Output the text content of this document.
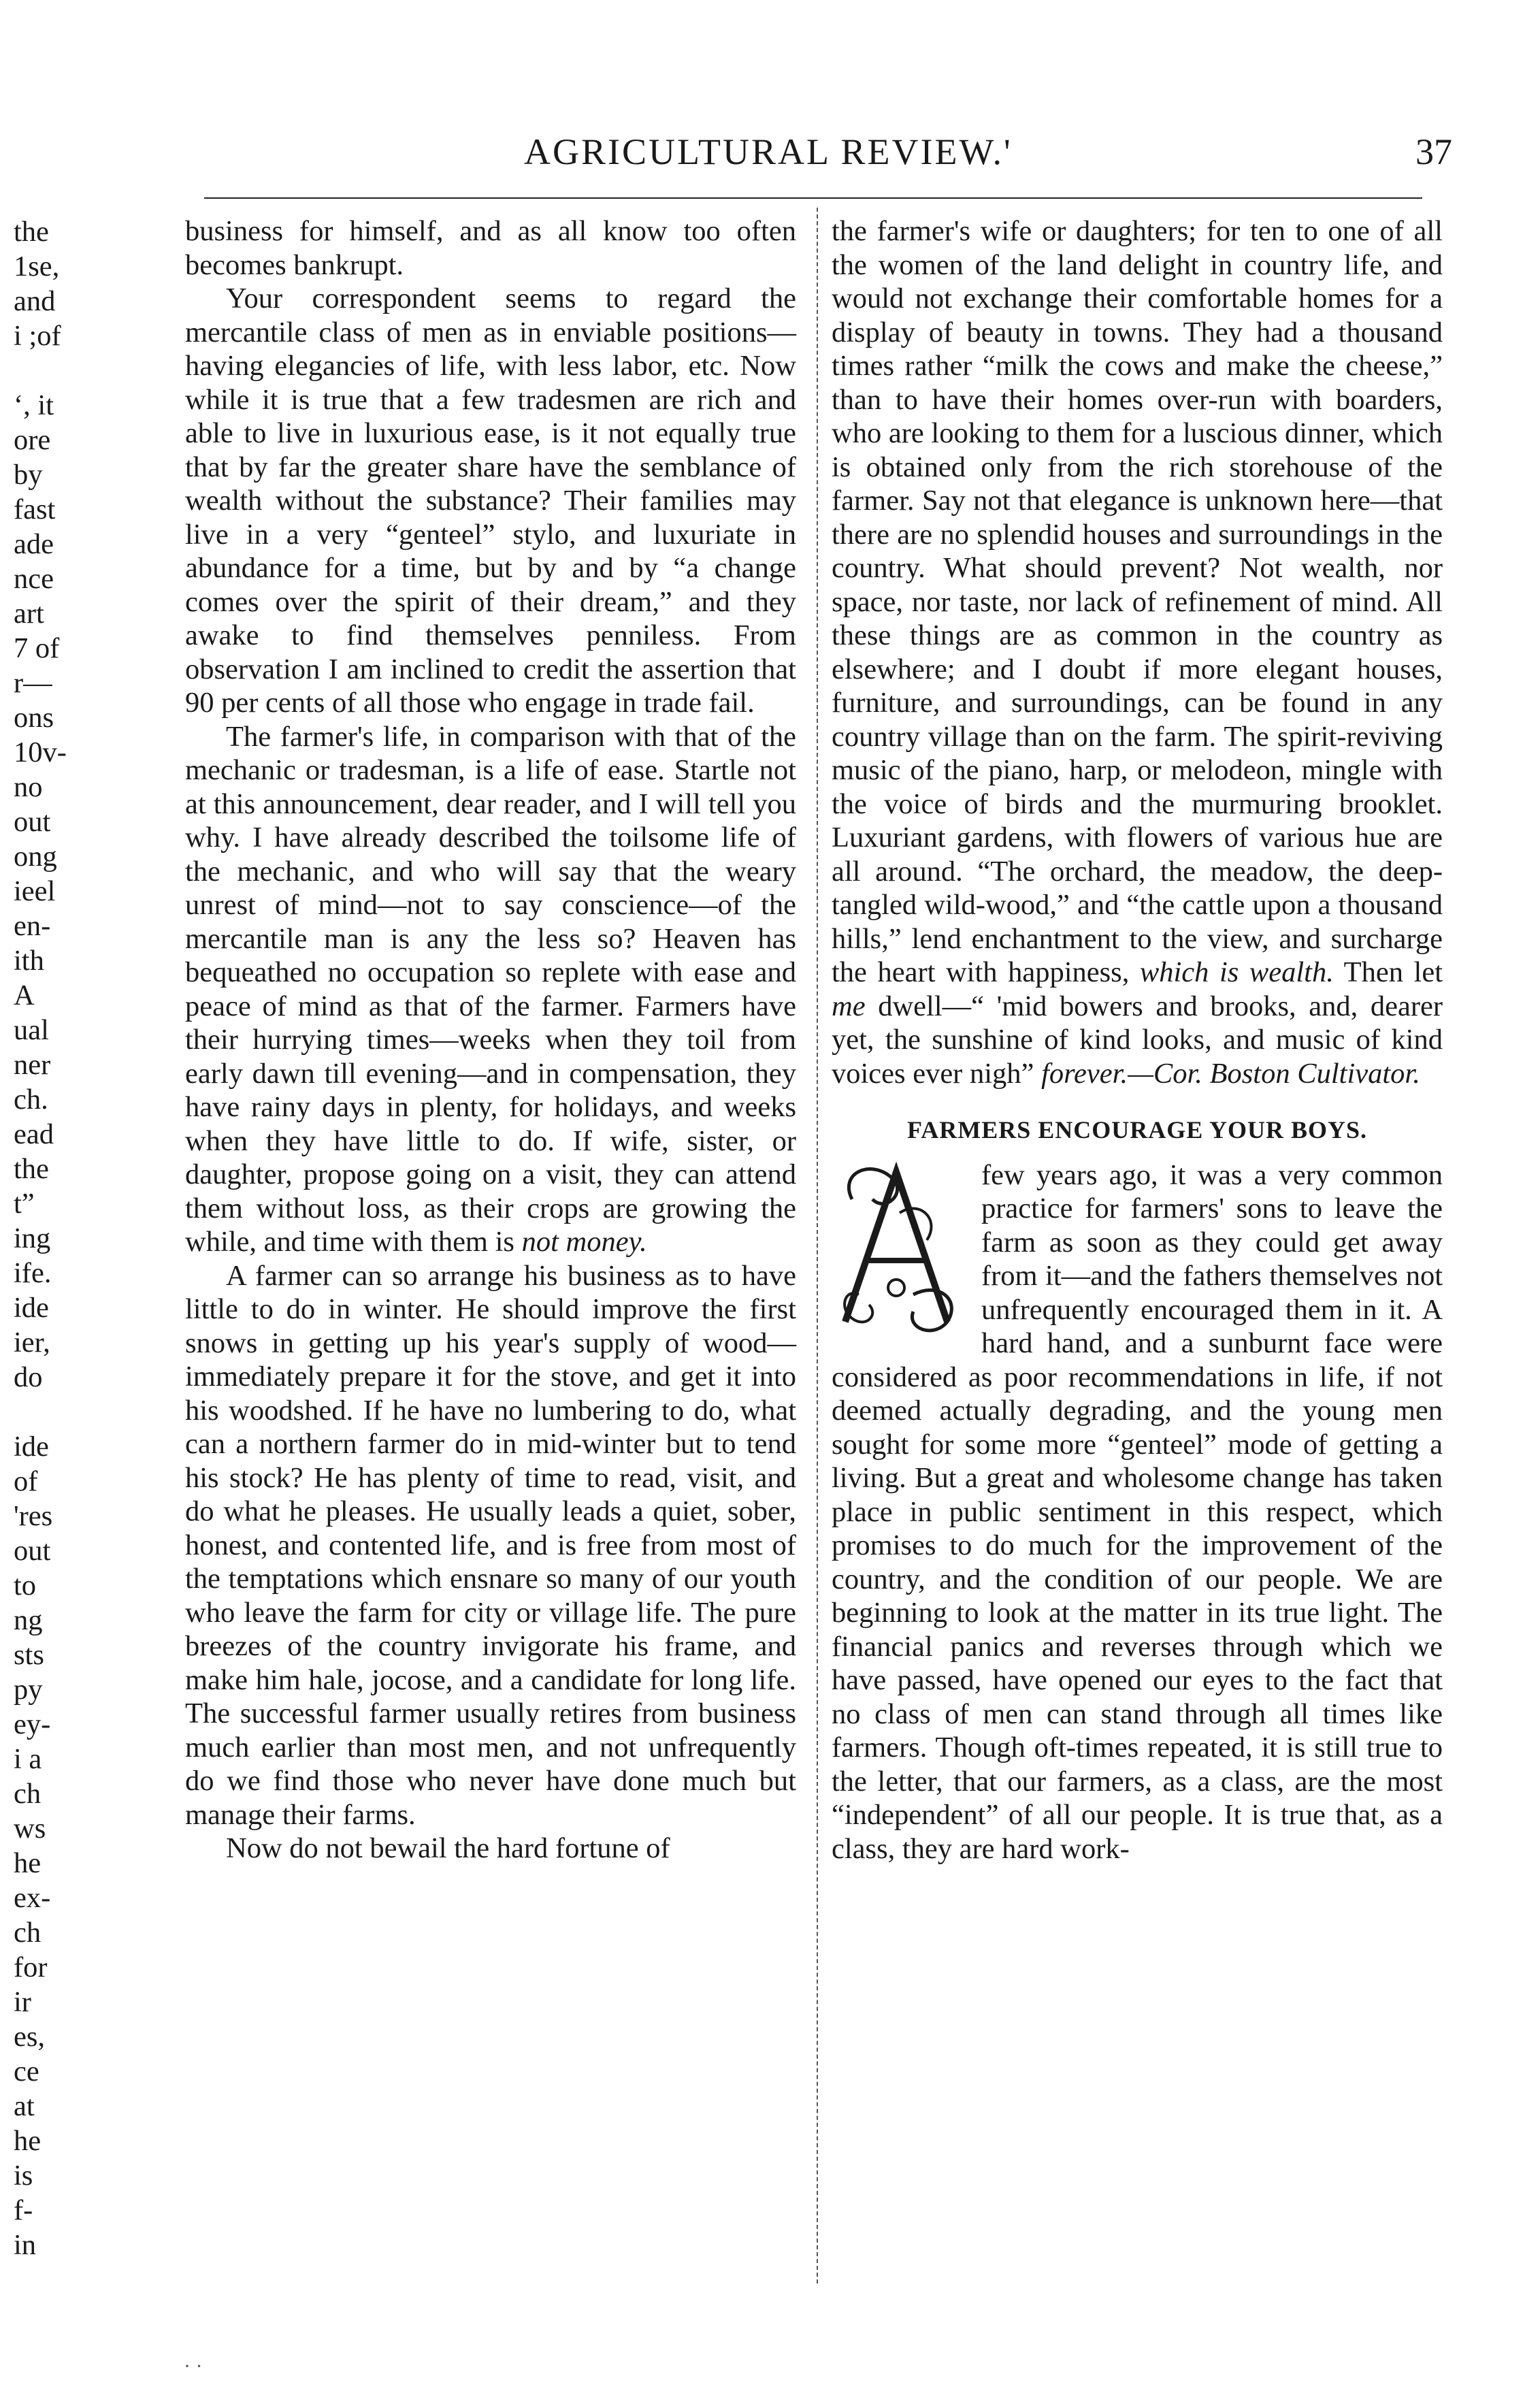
AGRICULTURAL REVIEW.'	37
the
1se,
and
i ;of

ʻ, it
ore
by
fast
ade
nce
art
7 of
r—
ons
10v-
no
out
ong
ieel
en-
ith
A
ual
ner
ch.
ead
the
t”
ing
ife.
ide
ier,
do

ide
of
'res
out
to
ng
sts
py
ey-
i a
ch
ws
he
ex-
ch
for
ir
es,
ce
at
he
is
f-
in

business for himself, and as all know too often becomes bankrupt.

Your correspondent seems to regard the mercantile class of men as in enviable positions—having elegancies of life, with less labor, etc. Now while it is true that a few tradesmen are rich and able to live in luxurious ease, is it not equally true that by far the greater share have the semblance of wealth without the substance? Their families may live in a very “genteel” stylo, and luxuriate in abundance for a time, but by and by “a change comes over the spirit of their dream,” and they awake to find themselves penniless. From observation I am inclined to credit the assertion that 90 per cents of all those who engage in trade fail.

The farmer's life, in comparison with that of the mechanic or tradesman, is a life of ease. Startle not at this announcement, dear reader, and I will tell you why. I have already described the toilsome life of the mechanic, and who will say that the weary unrest of mind—not to say conscience—of the mercantile man is any the less so? Heaven has bequeathed no occupation so replete with ease and peace of mind as that of the farmer. Farmers have their hurrying times—weeks when they toil from early dawn till evening—and in compensation, they have rainy days in plenty, for holidays, and weeks when they have little to do. If wife, sister, or daughter, propose going on a visit, they can attend them without loss, as their crops are growing the while, and time with them is not money.

A farmer can so arrange his business as to have little to do in winter. He should improve the first snows in getting up his year's supply of wood—immediately prepare it for the stove, and get it into his woodshed. If he have no lumbering to do, what can a northern farmer do in mid-winter but to tend his stock? He has plenty of time to read, visit, and do what he pleases. He usually leads a quiet, sober, honest, and contented life, and is free from most of the temptations which ensnare so many of our youth who leave the farm for city or village life. The pure breezes of the country invigorate his frame, and make him hale, jocose, and a candidate for long life. The successful farmer usually retires from business much earlier than most men, and not unfrequently do we find those who never have done much but manage their farms.

Now do not bewail the hard fortune of

the farmer's wife or daughters; for ten to one of all the women of the land delight in country life, and would not exchange their comfortable homes for a display of beauty in towns. They had a thousand times rather “milk the cows and make the cheese,” than to have their homes over-run with boarders, who are looking to them for a luscious dinner, which is obtained only from the rich storehouse of the farmer. Say not that elegance is unknown here—that there are no splendid houses and surroundings in the country. What should prevent? Not wealth, nor space, nor taste, nor lack of refinement of mind. All these things are as common in the country as elsewhere; and I doubt if more elegant houses, furniture, and surroundings, can be found in any country village than on the farm. The spirit-reviving music of the piano, harp, or melodeon, mingle with the voice of birds and the murmuring brooklet. Luxuriant gardens, with flowers of various hue are all around. “The orchard, the meadow, the deep-tangled wild-wood,” and “the cattle upon a thousand hills,” lend enchantment to the view, and surcharge the heart with happiness, which is wealth. Then let me dwell—“ 'mid bowers and brooks, and, dearer yet, the sunshine of kind looks, and music of kind voices ever nigh” forever.—Cor. Boston Cultivator.

FARMERS ENCOURAGE YOUR BOYS.

few years ago, it was a very common practice for farmers' sons to leave the farm as soon as they could get away from it—and the fathers themselves not unfrequently encouraged them in it. A hard hand, and a sunburnt face were considered as poor recommendations in life, if not deemed actually degrading, and the young men sought for some more “genteel” mode of getting a living. But a great and wholesome change has taken place in public sentiment in this respect, which promises to do much for the improvement of the country, and the condition of our people. We are beginning to look at the matter in its true light. The financial panics and reverses through which we have passed, have opened our eyes to the fact that no class of men can stand through all times like farmers. Though oft-times repeated, it is still true to the letter, that our farmers, as a class, are the most “independent” of all our people. It is true that, as a class, they are hard work-

· ·
